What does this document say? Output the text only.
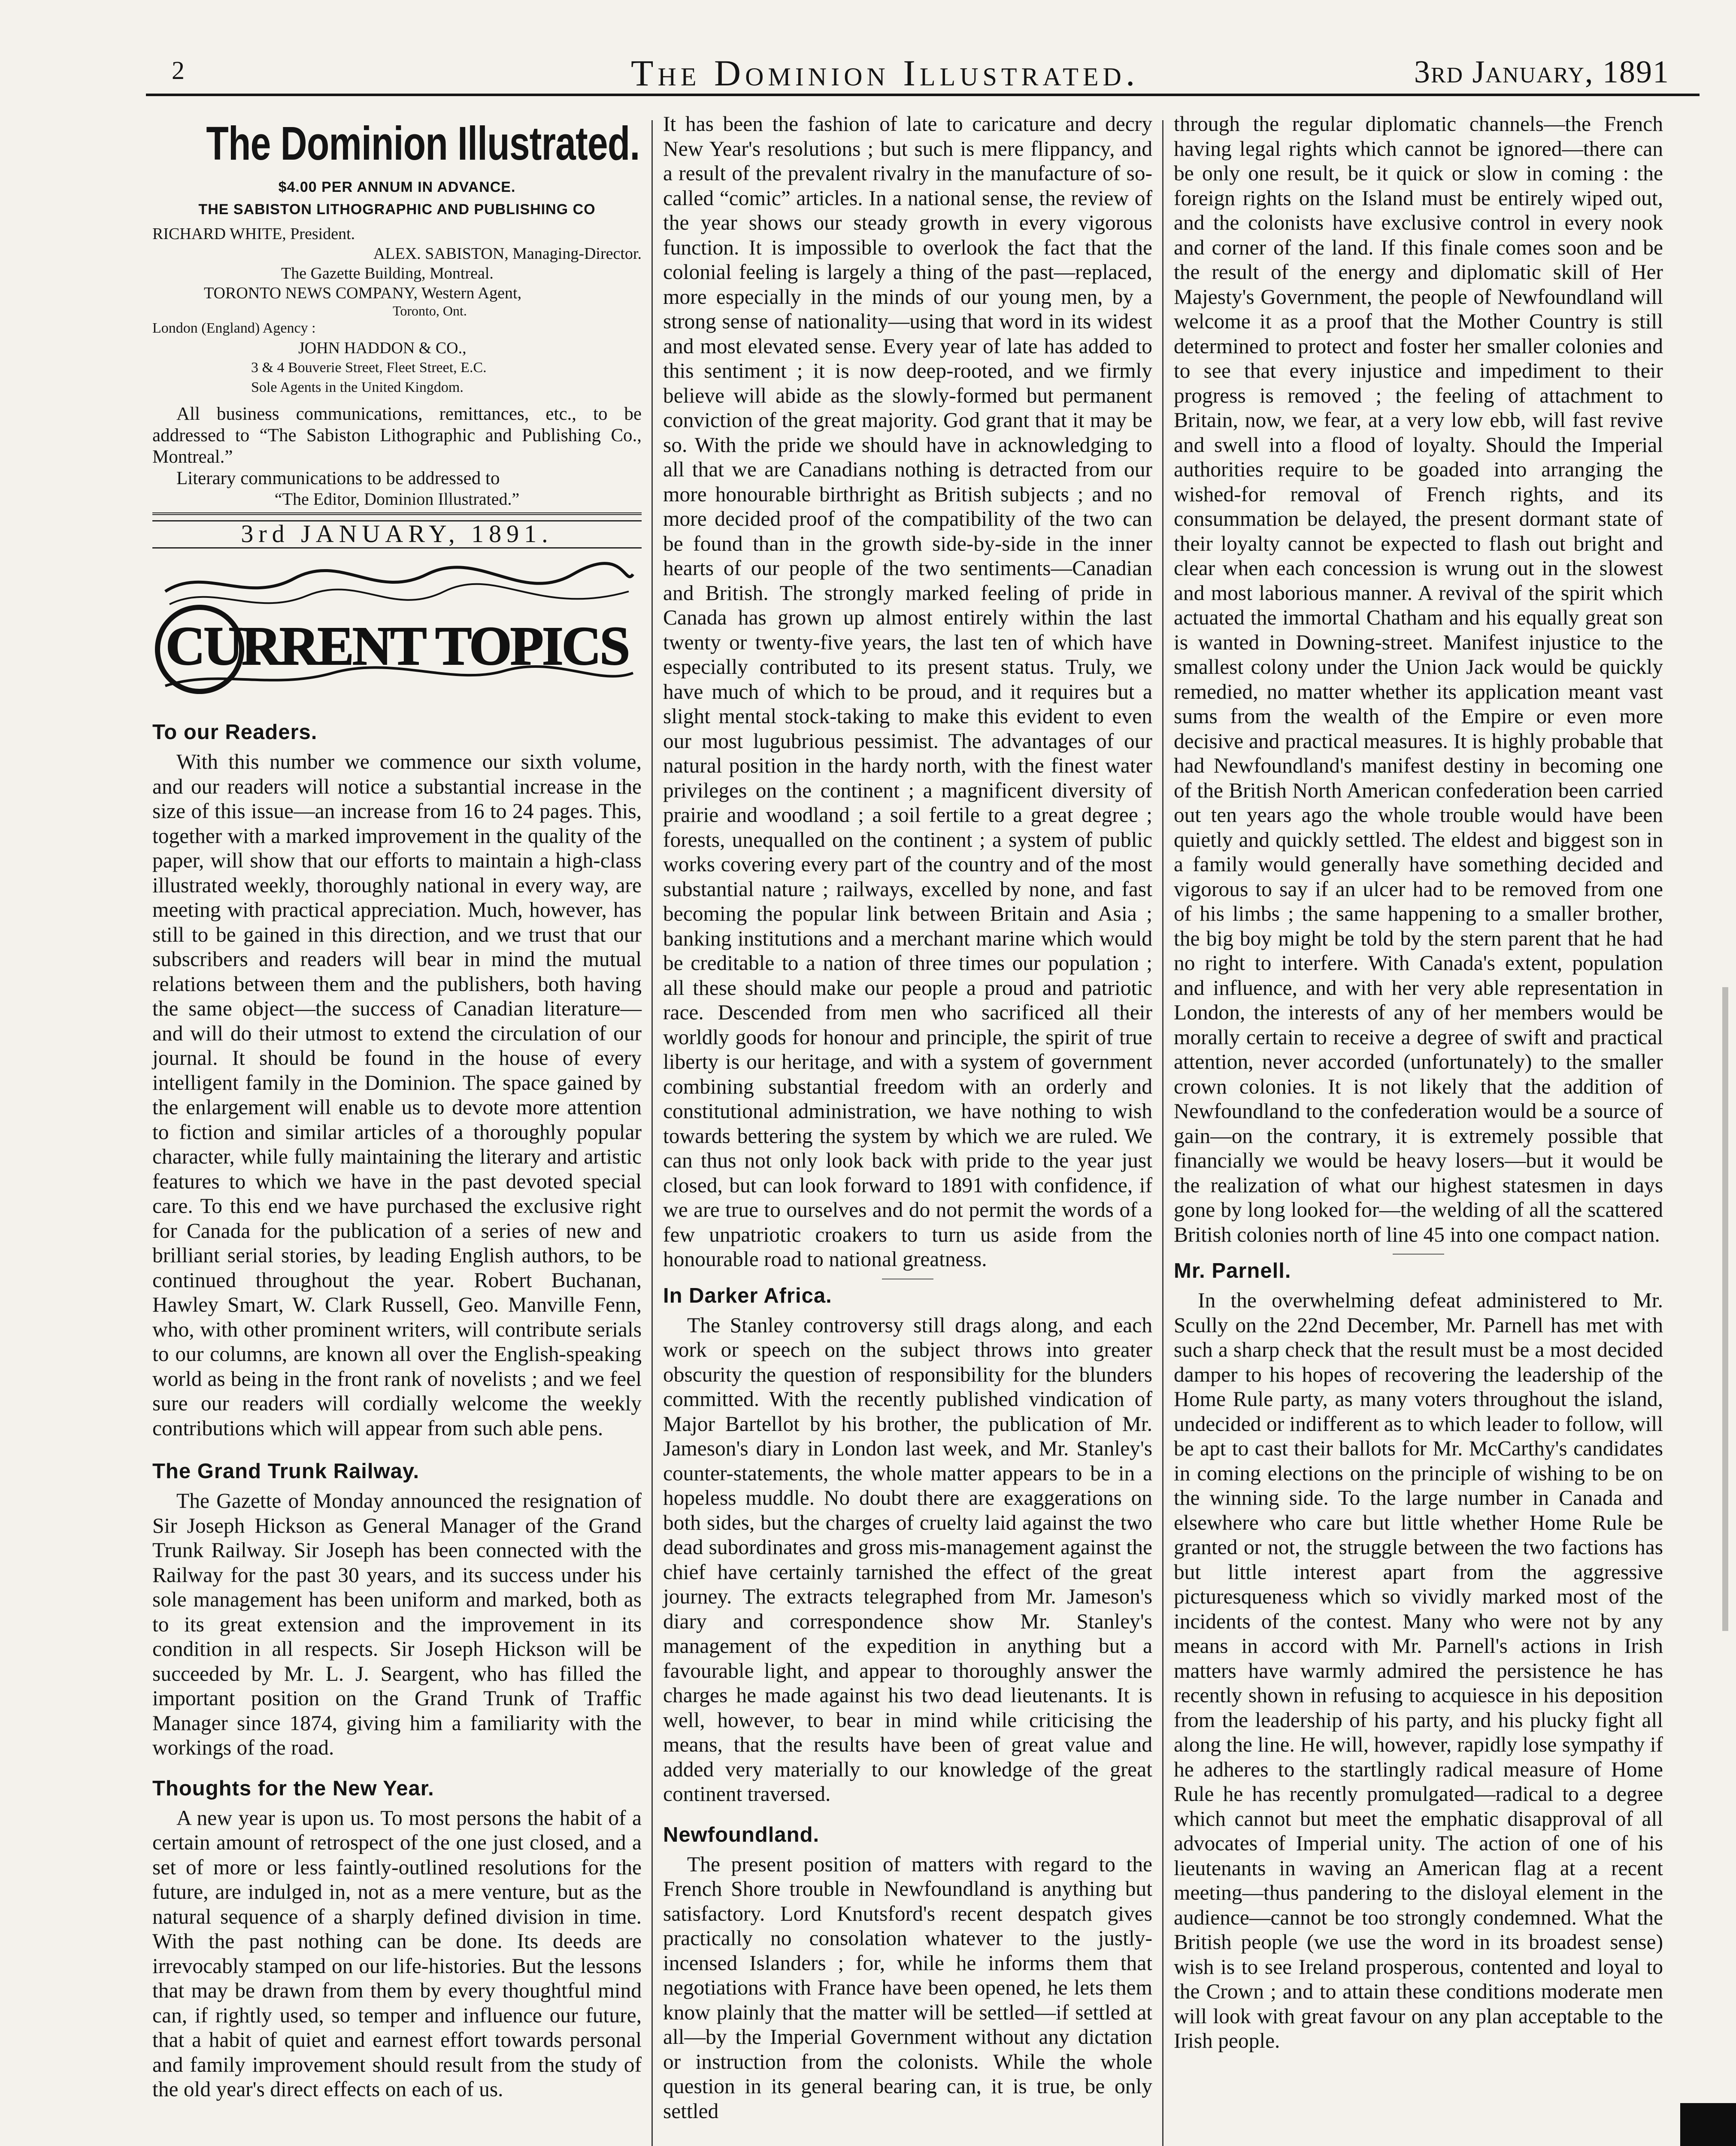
2	The Dominion Illustrated.	3rd January, 1891
The Dominion Illustrated.
$4.00 PER ANNUM IN ADVANCE.
THE SABISTON LITHOGRAPHIC AND PUBLISHING CO
RICHARD WHITE, President.
ALEX. SABISTON, Managing-Director.
The Gazette Building, Montreal.
TORONTO NEWS COMPANY, Western Agent,
Toronto, Ont.
London (England) Agency :
JOHN HADDON & CO.,
3 & 4 Bouverie Street, Fleet Street, E.C.
Sole Agents in the United Kingdom.

All business communications, remittances, etc., to be addressed to “The Sabiston Lithographic and Publishing Co., Montreal.”

Literary communications to be addressed to

“The Editor, Dominion Illustrated.”
3rd JANUARY, 1891.
CURRENT TOPICS
To our Readers.

With this number we commence our sixth volume, and our readers will notice a substantial increase in the size of this issue—an increase from 16 to 24 pages. This, together with a marked improvement in the quality of the paper, will show that our efforts to maintain a high-class illustrated weekly, thoroughly national in every way, are meeting with practical appreciation. Much, however, has still to be gained in this direction, and we trust that our subscribers and readers will bear in mind the mutual relations between them and the publishers, both having the same object—the success of Canadian literature—and will do their utmost to extend the circulation of our journal. It should be found in the house of every intelligent family in the Dominion. The space gained by the enlargement will enable us to devote more attention to fiction and similar articles of a thoroughly popular character, while fully maintaining the literary and artistic features to which we have in the past devoted special care. To this end we have purchased the exclusive right for Canada for the publication of a series of new and brilliant serial stories, by leading English authors, to be continued throughout the year. Robert Buchanan, Hawley Smart, W. Clark Russell, Geo. Manville Fenn, who, with other prominent writers, will contribute serials to our columns, are known all over the English-speaking world as being in the front rank of novelists ; and we feel sure our readers will cordially welcome the weekly contributions which will appear from such able pens.

The Grand Trunk Railway.

The Gazette of Monday announced the resignation of Sir Joseph Hickson as General Manager of the Grand Trunk Railway. Sir Joseph has been connected with the Railway for the past 30 years, and its success under his sole management has been uniform and marked, both as to its great extension and the improvement in its condition in all respects. Sir Joseph Hickson will be succeeded by Mr. L. J. Seargent, who has filled the important position on the Grand Trunk of Traffic Manager since 1874, giving him a familiarity with the workings of the road.

Thoughts for the New Year.

A new year is upon us. To most persons the habit of a certain amount of retrospect of the one just closed, and a set of more or less faintly-outlined resolutions for the future, are indulged in, not as a mere venture, but as the natural sequence of a sharply defined division in time. With the past nothing can be done. Its deeds are irrevocably stamped on our life-histories. But the lessons that may be drawn from them by every thoughtful mind can, if rightly used, so temper and influence our future, that a habit of quiet and earnest effort towards personal and family improvement should result from the study of the old year's direct effects on each of us.

It has been the fashion of late to caricature and decry New Year's resolutions ; but such is mere flippancy, and a result of the prevalent rivalry in the manufacture of so-called “comic” articles. In a national sense, the review of the year shows our steady growth in every vigorous function. It is impossible to overlook the fact that the colonial feeling is largely a thing of the past—replaced, more especially in the minds of our young men, by a strong sense of nationality—using that word in its widest and most elevated sense. Every year of late has added to this sentiment ; it is now deep-rooted, and we firmly believe will abide as the slowly-formed but permanent conviction of the great majority. God grant that it may be so. With the pride we should have in acknowledging to all that we are Canadians nothing is detracted from our more honourable birthright as British subjects ; and no more decided proof of the compatibility of the two can be found than in the growth side-by-side in the inner hearts of our people of the two sentiments—Canadian and British. The strongly marked feeling of pride in Canada has grown up almost entirely within the last twenty or twenty-five years, the last ten of which have especially contributed to its present status. Truly, we have much of which to be proud, and it requires but a slight mental stock-taking to make this evident to even our most lugubrious pessimist. The advantages of our natural position in the hardy north, with the finest water privileges on the continent ; a magnificent diversity of prairie and woodland ; a soil fertile to a great degree ; forests, unequalled on the continent ; a system of public works covering every part of the country and of the most substantial nature ; railways, excelled by none, and fast becoming the popular link between Britain and Asia ; banking institutions and a merchant marine which would be creditable to a nation of three times our population ; all these should make our people a proud and patriotic race. Descended from men who sacrificed all their worldly goods for honour and principle, the spirit of true liberty is our heritage, and with a system of government combining substantial freedom with an orderly and constitutional administration, we have nothing to wish towards bettering the system by which we are ruled. We can thus not only look back with pride to the year just closed, but can look forward to 1891 with confidence, if we are true to ourselves and do not permit the words of a few unpatriotic croakers to turn us aside from the honourable road to national greatness.

In Darker Africa.

The Stanley controversy still drags along, and each work or speech on the subject throws into greater obscurity the question of responsibility for the blunders committed. With the recently published vindication of Major Bartellot by his brother, the publication of Mr. Jameson's diary in London last week, and Mr. Stanley's counter-statements, the whole matter appears to be in a hopeless muddle. No doubt there are exaggerations on both sides, but the charges of cruelty laid against the two dead subordinates and gross mis-management against the chief have certainly tarnished the effect of the great journey. The extracts telegraphed from Mr. Jameson's diary and correspondence show Mr. Stanley's management of the expedition in anything but a favourable light, and appear to thoroughly answer the charges he made against his two dead lieutenants. It is well, however, to bear in mind while criticising the means, that the results have been of great value and added very materially to our knowledge of the great continent traversed.

Newfoundland.

The present position of matters with regard to the French Shore trouble in Newfoundland is anything but satisfactory. Lord Knutsford's recent despatch gives practically no consolation whatever to the justly-incensed Islanders ; for, while he informs them that negotiations with France have been opened, he lets them know plainly that the matter will be settled—if settled at all—by the Imperial Government without any dictation or instruction from the colonists. While the whole question in its general bearing can, it is true, be only settled

through the regular diplomatic channels—the French having legal rights which cannot be ignored—there can be only one result, be it quick or slow in coming : the foreign rights on the Island must be entirely wiped out, and the colonists have exclusive control in every nook and corner of the land. If this finale comes soon and be the result of the energy and diplomatic skill of Her Majesty's Government, the people of Newfoundland will welcome it as a proof that the Mother Country is still determined to protect and foster her smaller colonies and to see that every injustice and impediment to their progress is removed ; the feeling of attachment to Britain, now, we fear, at a very low ebb, will fast revive and swell into a flood of loyalty. Should the Imperial authorities require to be goaded into arranging the wished-for removal of French rights, and its consummation be delayed, the present dormant state of their loyalty cannot be expected to flash out bright and clear when each concession is wrung out in the slowest and most laborious manner. A revival of the spirit which actuated the immortal Chatham and his equally great son is wanted in Downing-street. Manifest injustice to the smallest colony under the Union Jack would be quickly remedied, no matter whether its application meant vast sums from the wealth of the Empire or even more decisive and practical measures. It is highly probable that had Newfoundland's manifest destiny in becoming one of the British North American confederation been carried out ten years ago the whole trouble would have been quietly and quickly settled. The eldest and biggest son in a family would generally have something decided and vigorous to say if an ulcer had to be removed from one of his limbs ; the same happening to a smaller brother, the big boy might be told by the stern parent that he had no right to interfere. With Canada's extent, population and influence, and with her very able representation in London, the interests of any of her members would be morally certain to receive a degree of swift and practical attention, never accorded (unfortunately) to the smaller crown colonies. It is not likely that the addition of Newfoundland to the confederation would be a source of gain—on the contrary, it is extremely possible that financially we would be heavy losers—but it would be the realization of what our highest statesmen in days gone by long looked for—the welding of all the scattered British colonies north of line 45 into one compact nation.

Mr. Parnell.

In the overwhelming defeat administered to Mr. Scully on the 22nd December, Mr. Parnell has met with such a sharp check that the result must be a most decided damper to his hopes of recovering the leadership of the Home Rule party, as many voters throughout the island, undecided or indifferent as to which leader to follow, will be apt to cast their ballots for Mr. McCarthy's candidates in coming elections on the principle of wishing to be on the winning side. To the large number in Canada and elsewhere who care but little whether Home Rule be granted or not, the struggle between the two factions has but little interest apart from the aggressive picturesqueness which so vividly marked most of the incidents of the contest. Many who were not by any means in accord with Mr. Parnell's actions in Irish matters have warmly admired the persistence he has recently shown in refusing to acquiesce in his deposition from the leadership of his party, and his plucky fight all along the line. He will, however, rapidly lose sympathy if he adheres to the startlingly radical measure of Home Rule he has recently promulgated—radical to a degree which cannot but meet the emphatic disapproval of all advocates of Imperial unity. The action of one of his lieutenants in waving an American flag at a recent meeting—thus pandering to the disloyal element in the audience—cannot be too strongly condemned. What the British people (we use the word in its broadest sense) wish is to see Ireland prosperous, contented and loyal to the Crown ; and to attain these conditions moderate men will look with great favour on any plan acceptable to the Irish people.
